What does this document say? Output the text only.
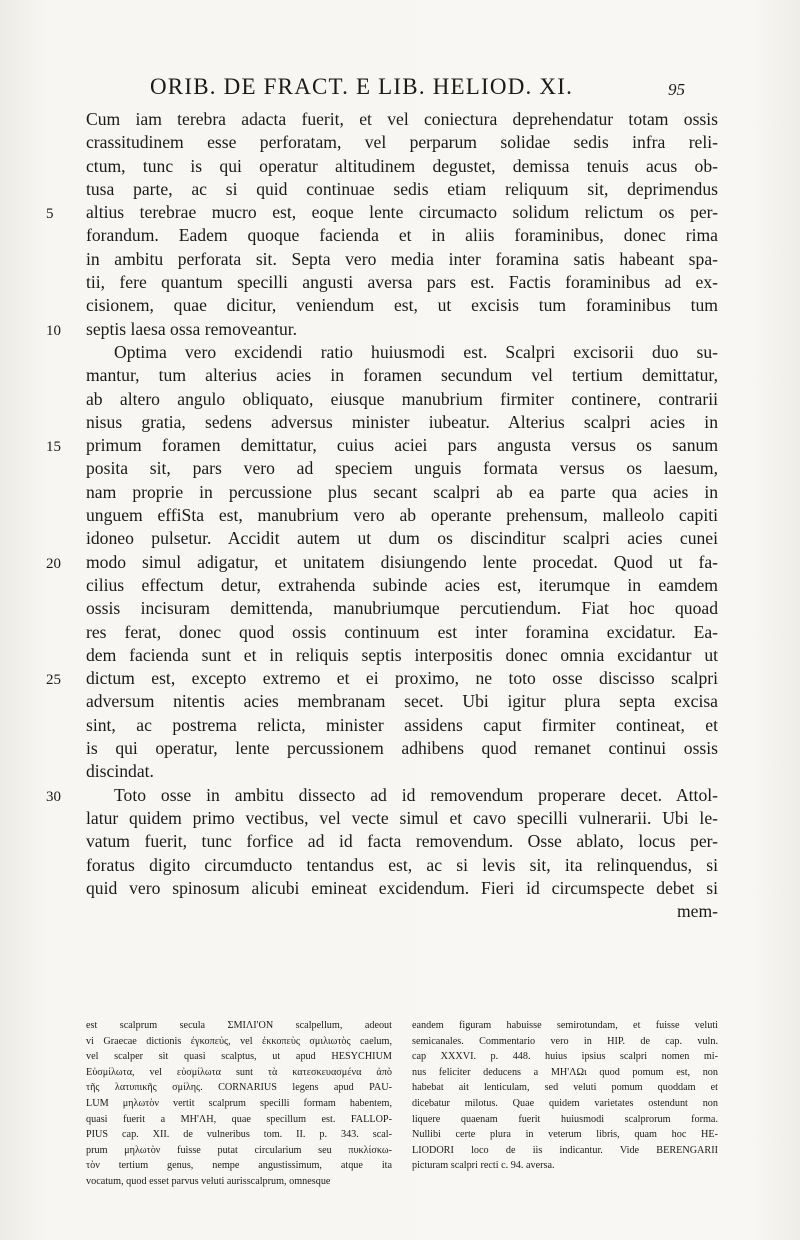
ORIB. DE FRACT. E LIB. HELIOD. XI.	95
Cum iam terebra adacta fuerit, et vel coniectura deprehendatur totam ossis
crassitudinem esse perforatam, vel perparum solidae sedis infra reli-
ctum, tunc is qui operatur altitudinem degustet, demissa tenuis acus ob-
tusa parte, ac si quid continuae sedis etiam reliquum sit, deprimendus
5 altius terebrae mucro est, eoque lente circumacto solidum relictum os per-
forandum. Eadem quoque facienda et in aliis foraminibus, donec rima
in ambitu perforata sit. Septa vero media inter foramina satis habeant spa-
tii, fere quantum specilli angusti aversa pars est. Factis foraminibus ad ex-
cisionem, quae dicitur, veniendum est, ut excisis tum foraminibus tum
10 septis laesa ossa removeantur.
Optima vero excidendi ratio huiusmodi est. Scalpri excisorii duo su-
mantur, tum alterius acies in foramen secundum vel tertium demittatur,
ab altero angulo obliquato, eiusque manubrium firmiter continere, contrarii
nisus gratia, sedens adversus minister iubeatur. Alterius scalpri acies in
15 primum foramen demittatur, cuius aciei pars angusta versus os sanum
posita sit, pars vero ad speciem unguis formata versus os laesum,
nam proprie in percussione plus secant scalpri ab ea parte qua acies in
unguem effiSta est, manubrium vero ab operante prehensum, malleolo capiti
idoneo pulsetur. Accidit autem ut dum os discinditur scalpri acies cunei
20 modo simul adigatur, et unitatem disiungendo lente procedat. Quod ut fa-
cilius effectum detur, extrahenda subinde acies est, iterumque in eamdem
ossis incisuram demittenda, manubriumque percutiendum. Fiat hoc quoad
res ferat, donec quod ossis continuum est inter foramina excidatur. Ea-
dem facienda sunt et in reliquis septis interpositis donec omnia excidantur ut
25 dictum est, excepto extremo et ei proximo, ne toto osse discisso scalpri
adversum nitentis acies membranam secet. Ubi igitur plura septa excisa
sint, ac postrema relicta, minister assidens caput firmiter contineat, et
is qui operatur, lente percussionem adhibens quod remanet continui ossis
discindat.
30	Toto osse in ambitu dissecto ad id removendum properare decet. Attol-
latur quidem primo vectibus, vel vecte simul et cavo specilli vulnerarii. Ubi le-
vatum fuerit, tunc forfice ad id facta removendum. Osse ablato, locus per-
foratus digito circumducto tentandus est, ac si levis sit, ita relinquendus, si
quid vero spinosum alicubi emineat excidendum. Fieri id circumspecte debet si
mem-
est scalprum secula ΣΜΙΛΙ'ΟΝ scalpellum, adeout
vi Graecae dictionis ἐγκοπεύς, vel ἐκκοπεὺς σμιλιωτὸς caelum,
vel scalper sit quasi scalptus, ut apud HESYCHIUM
Εὐσμίλωτα, vel εὐσμίλωτα sunt τὰ κατεσκευασμένα ἀπὸ
τῆς λατυπικῆς σμίλης. CORNARIUS legens apud PAU-
LUM μηλωτὸν vertit scalprum specilli formam habentem,
quasi fuerit a MH'ΛΗ, quae specillum est. FALLOP-
PIUS cap. XII. de vulneribus tom. II. p. 343. scal-
prum μηλωτὸν fuisse putat circularium seu πυκλίσκω-
τὸν tertium genus, nempe angustissimum, atque ita
vocatum, quod esset parvus veluti aurisscalprum, omnesque
eandem figuram habuisse semirotundam, et fuisse veluti
semicanales. Commentario vero in HIP. de cap. vuln.
cap XXXVI. p. 448. huius ipsius scalpri nomen mi-
nus feliciter deducens a MH'ΛΩι quod pomum est, non
habebat ait lenticulam, sed veluti pomum quoddam et
dicebatur milotus. Quae quidem varietates ostendunt non
liquere quaenam fuerit huiusmodi scalprorum forma.
Nullibi certe plura in veterum libris, quam hoc HE-
LIODORI loco de iis indicantur. Vide BERENGARII
picturam scalpri recti c. 94. aversa.
